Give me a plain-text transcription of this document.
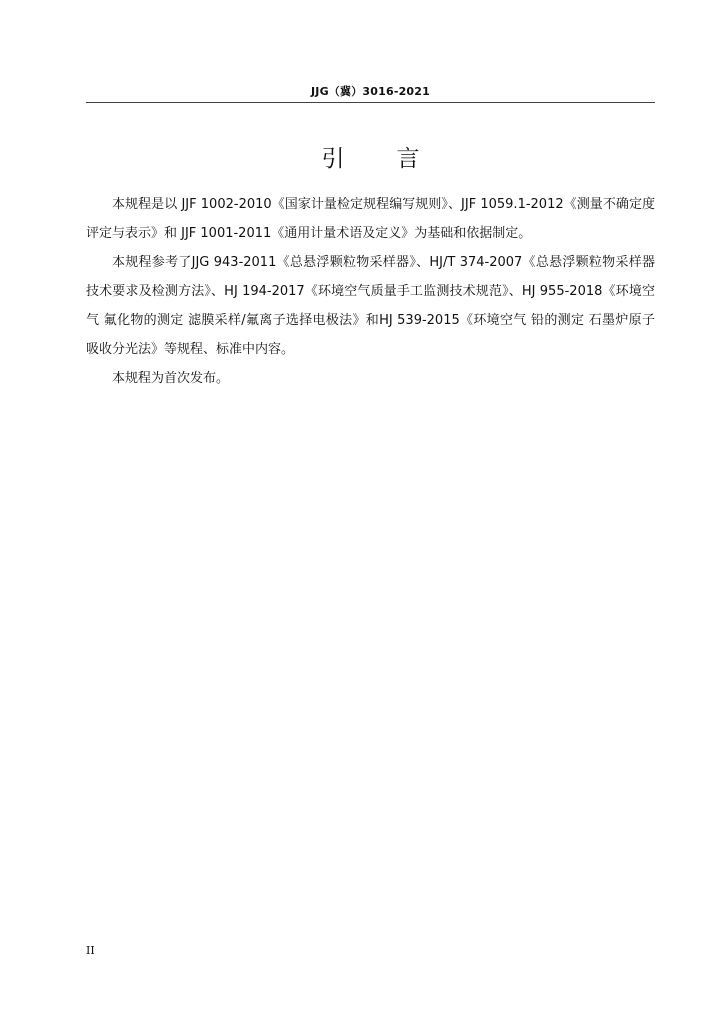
JJG（冀）3016-2021
引 言

本规程是以 JJF 1002-2010《国家计量检定规程编写规则》、JJF 1059.1-2012《测量不确定度评定与表示》和 JJF 1001-2011《通用计量术语及定义》为基础和依据制定。

本规程参考了JJG 943-2011《总悬浮颗粒物采样器》、HJ/T 374-2007《总悬浮颗粒物采样器技术要求及检测方法》、HJ 194-2017《环境空气质量手工监测技术规范》、HJ 955-2018《环境空气 氟化物的测定 滤膜采样/氟离子选择电极法》和HJ 539-2015《环境空气 铅的测定 石墨炉原子吸收分光法》等规程、标准中内容。

本规程为首次发布。

II
